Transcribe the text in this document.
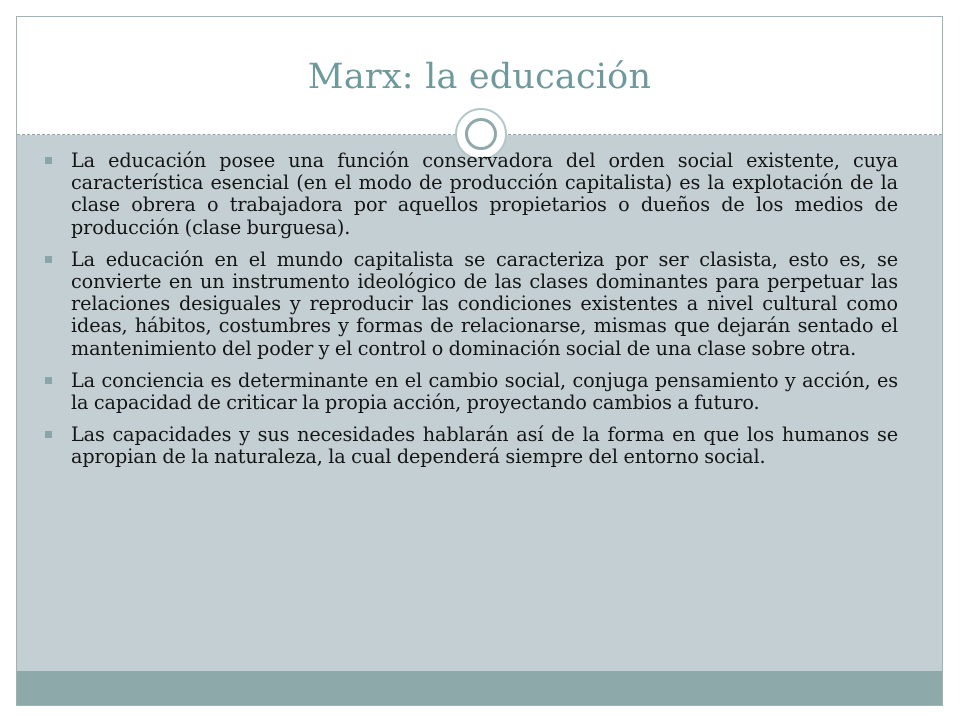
Marx: la educación
La educación posee una función conservadora del orden social existente, cuya característica esencial (en el modo de producción capitalista) es la explotación de la clase obrera o trabajadora por aquellos propietarios o dueños de los medios de producción (clase burguesa).
La educación en el mundo capitalista se caracteriza por ser clasista, esto es, se convierte en un instrumento ideológico de las clases dominantes para perpetuar las relaciones desiguales y reproducir las condiciones existentes a nivel cultural como ideas, hábitos, costumbres y formas de relacionarse, mismas que dejarán sentado el mantenimiento del poder y el control o dominación social de una clase sobre otra.
La conciencia es determinante en el cambio social, conjuga pensamiento y acción, es la capacidad de criticar la propia acción, proyectando cambios a futuro.
Las capacidades y sus necesidades hablarán así de la forma en que los humanos se apropian de la naturaleza, la cual dependerá siempre del entorno social.
